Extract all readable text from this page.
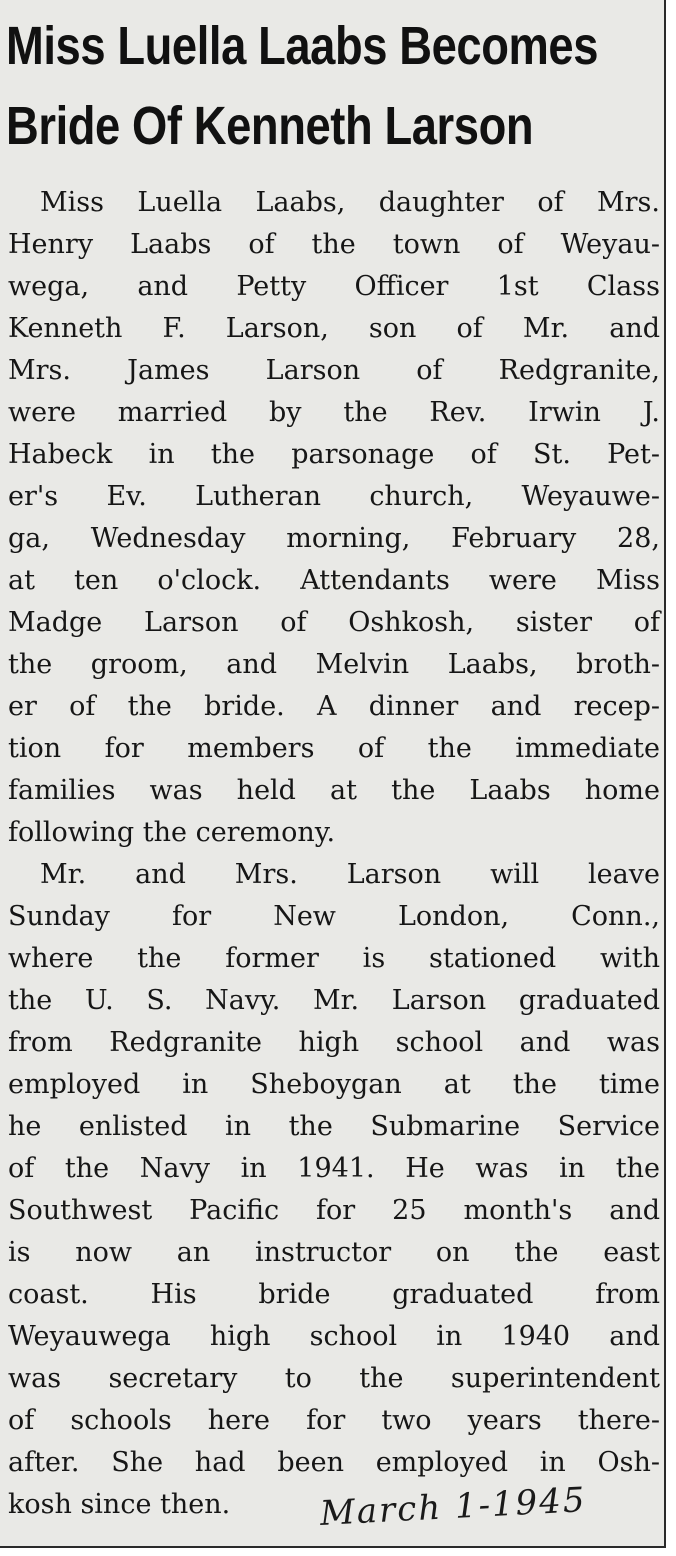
Miss Luella Laabs Becomes
Bride Of Kenneth Larson
Miss Luella Laabs, daughter of Mrs.
Henry Laabs of the town of Weyau-
wega, and Petty Officer 1st Class
Kenneth F. Larson, son of Mr. and
Mrs. James Larson of Redgranite,
were married by the Rev. Irwin J.
Habeck in the parsonage of St. Pet-
er's Ev. Lutheran church, Weyauwe-
ga, Wednesday morning, February 28,
at ten o'clock. Attendants were Miss
Madge Larson of Oshkosh, sister of
the groom, and Melvin Laabs, broth-
er of the bride. A dinner and recep-
tion for members of the immediate
families was held at the Laabs home
following the ceremony.
Mr. and Mrs. Larson will leave
Sunday for New London, Conn.,
where the former is stationed with
the U. S. Navy. Mr. Larson graduated
from Redgranite high school and was
employed in Sheboygan at the time
he enlisted in the Submarine Service
of the Navy in 1941. He was in the
Southwest Pacific for 25 month's and
is now an instructor on the east
coast. His bride graduated from
Weyauwega high school in 1940 and
was secretary to the superintendent
of schools here for two years there-
after. She had been employed in Osh-
kosh since then.	March 1-1945
